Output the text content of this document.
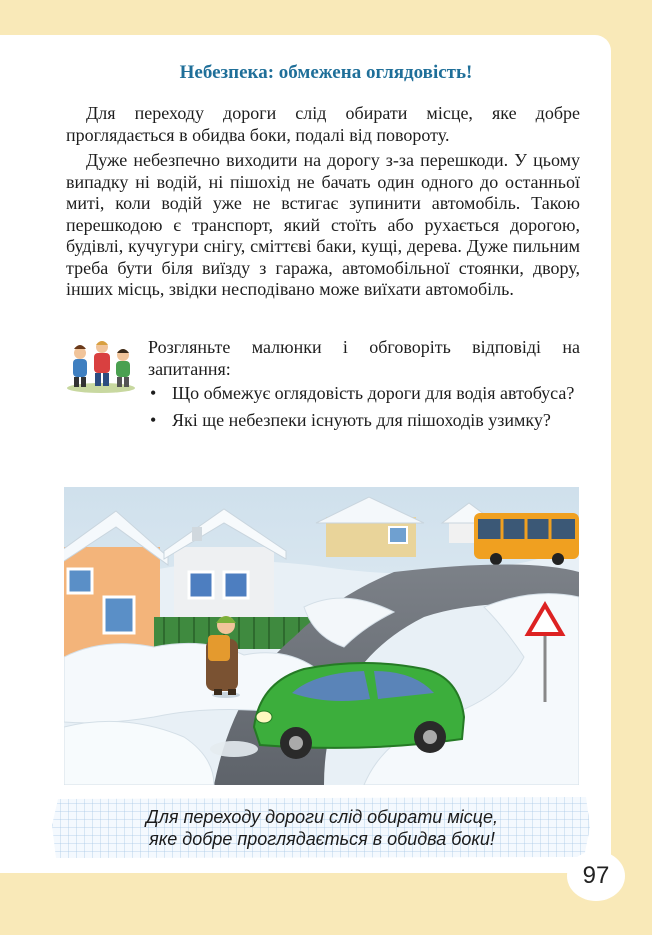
Небезпека: обмежена оглядовість!

Для переходу дороги слід обирати місце, яке добре проглядається в обидва боки, подалі від повороту.

Дуже небезпечно виходити на дорогу з-за перешкоди. У цьому випадку ні водій, ні пішохід не бачать один одного до останньої миті, коли водій уже не встигає зупинити автомобіль. Такою перешкодою є транспорт, який стоїть або рухається дорогою, будівлі, кучугури снігу, сміттєві баки, кущі, дерева. Дуже пильним треба бути біля виїзду з гаража, автомобільної стоянки, двору, інших місць, звідки несподівано може виїхати автомобіль.

Розгляньте малюнки і обговоріть відповіді на запитання:

• Що обмежує оглядовість дороги для водія автобуса?
• Які ще небезпеки існують для пішоходів узимку?

Для переходу дороги слід обирати місце,
яке добре проглядається в обидва боки!

97
